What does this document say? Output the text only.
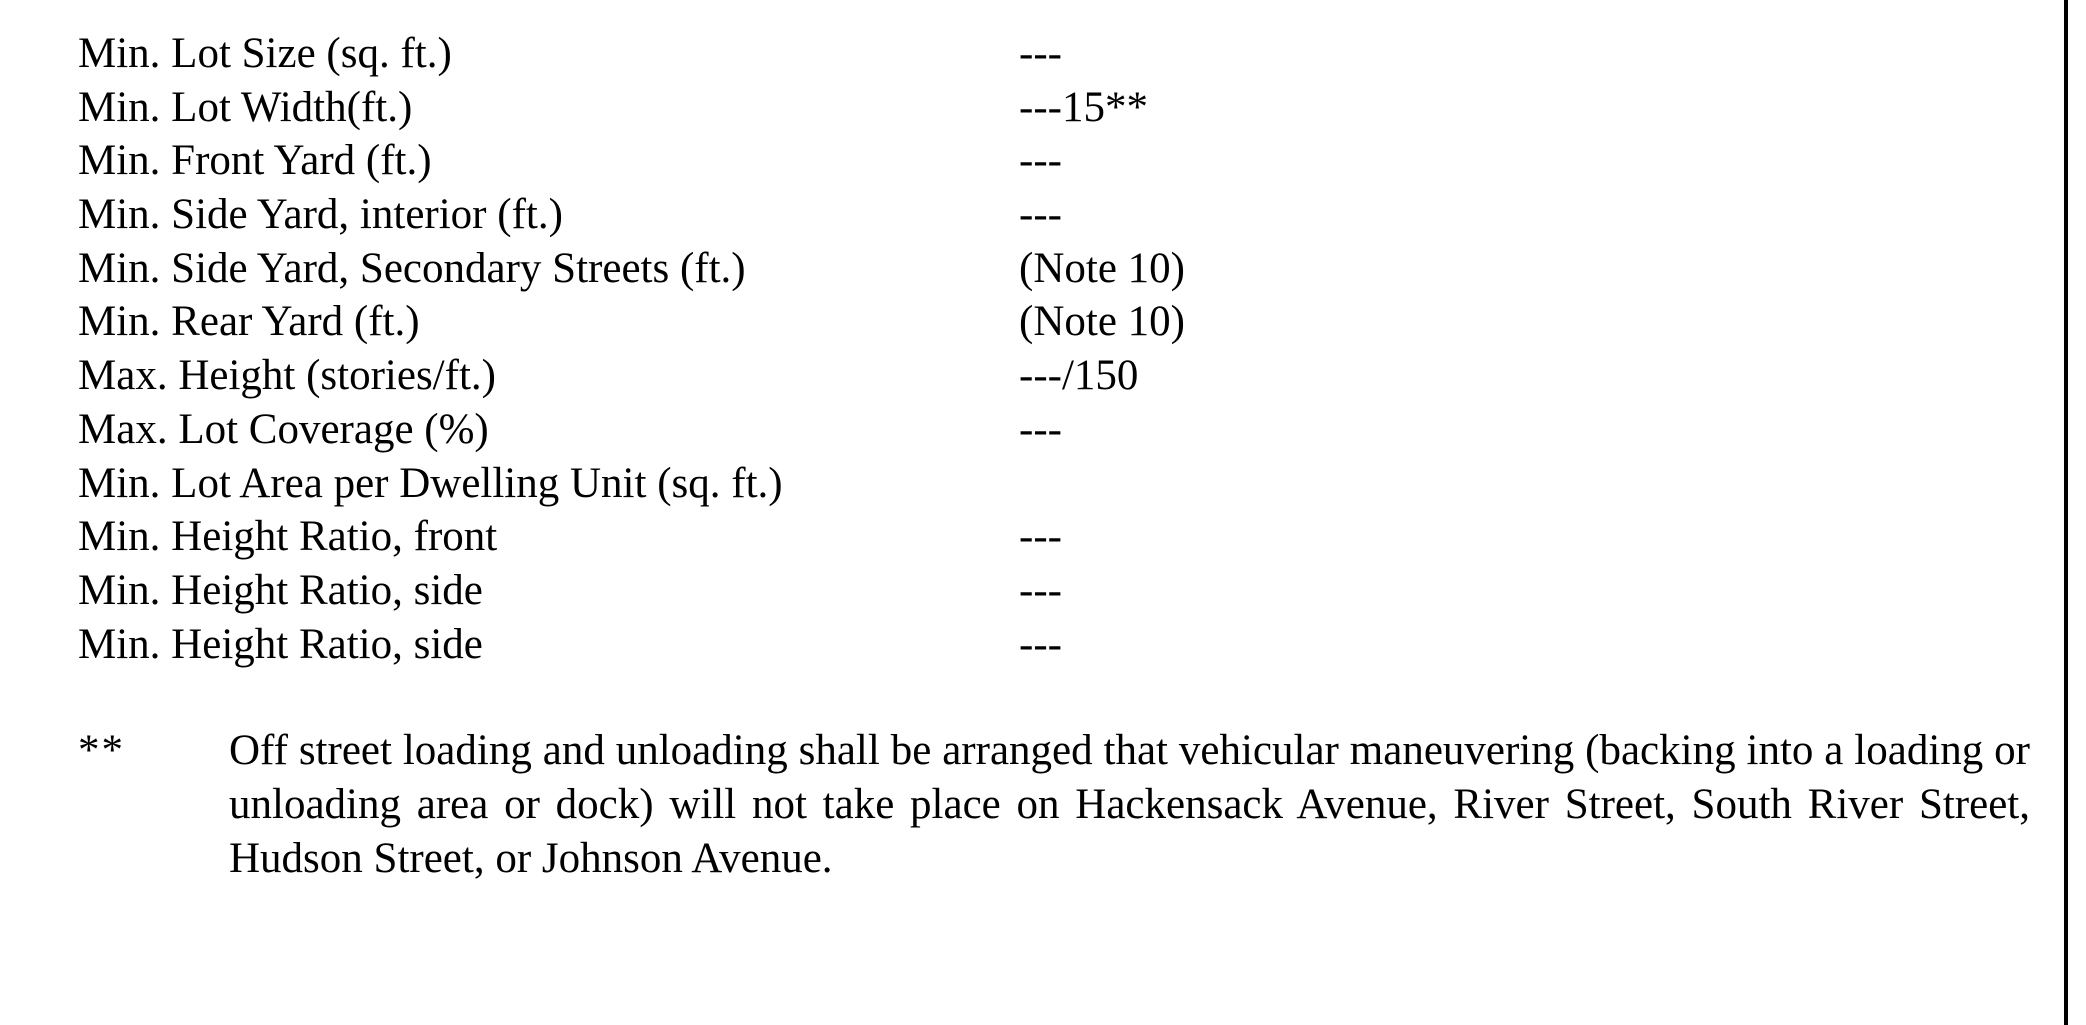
Min. Lot Size (sq. ft.)	---
Min. Lot Width(ft.)	---15**
Min. Front Yard (ft.)	---
Min. Side Yard, interior (ft.)	---
Min. Side Yard, Secondary Streets (ft.)	(Note 10)
Min. Rear Yard (ft.)	(Note 10)
Max. Height (stories/ft.)	---/150
Max. Lot Coverage (%)	---
Min. Lot Area per Dwelling Unit (sq. ft.)
Min. Height Ratio, front	---
Min. Height Ratio, side	---
Min. Height Ratio, side	---
** Off street loading and unloading shall be arranged that vehicular maneuvering (backing into a loading or unloading area or dock) will not take place on Hackensack Avenue, River Street, South River Street, Hudson Street, or Johnson Avenue.
